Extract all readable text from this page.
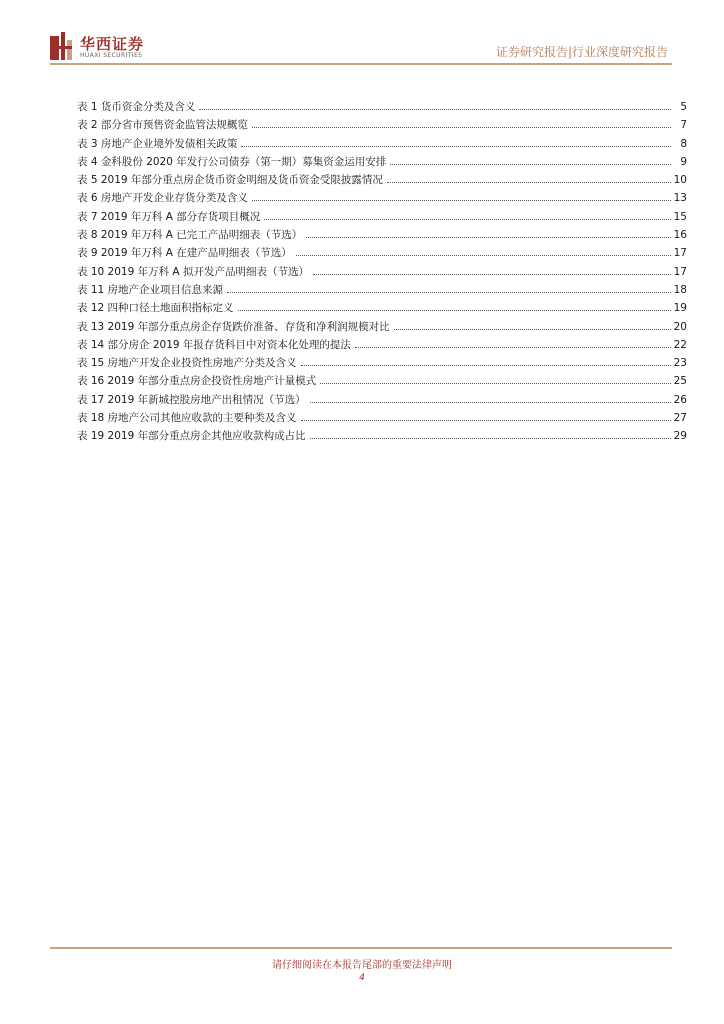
华西证券
HUAXI SECURITIES	证券研究报告|行业深度研究报告
表 1 货币资金分类及含义	5
表 2 部分省市预售资金监管法规概览	7
表 3 房地产企业境外发债相关政策	8
表 4 金科股份 2020 年发行公司债券（第一期）募集资金运用安排	9
表 5 2019 年部分重点房企货币资金明细及货币资金受限披露情况	10
表 6 房地产开发企业存货分类及含义	13
表 7 2019 年万科 A 部分存货项目概况	15
表 8 2019 年万科 A 已完工产品明细表（节选）	16
表 9 2019 年万科 A 在建产品明细表（节选）	17
表 10 2019 年万科 A 拟开发产品明细表（节选）	17
表 11 房地产企业项目信息来源	18
表 12 四种口径土地面积指标定义	19
表 13 2019 年部分重点房企存货跌价准备、存货和净利润规模对比	20
表 14 部分房企 2019 年报存货科目中对资本化处理的提法	22
表 15 房地产开发企业投资性房地产分类及含义	23
表 16 2019 年部分重点房企投资性房地产计量模式	25
表 17 2019 年新城控股房地产出租情况（节选）	26
表 18 房地产公司其他应收款的主要种类及含义	27
表 19 2019 年部分重点房企其他应收款构成占比	29
请仔细阅读在本报告尾部的重要法律声明
4
